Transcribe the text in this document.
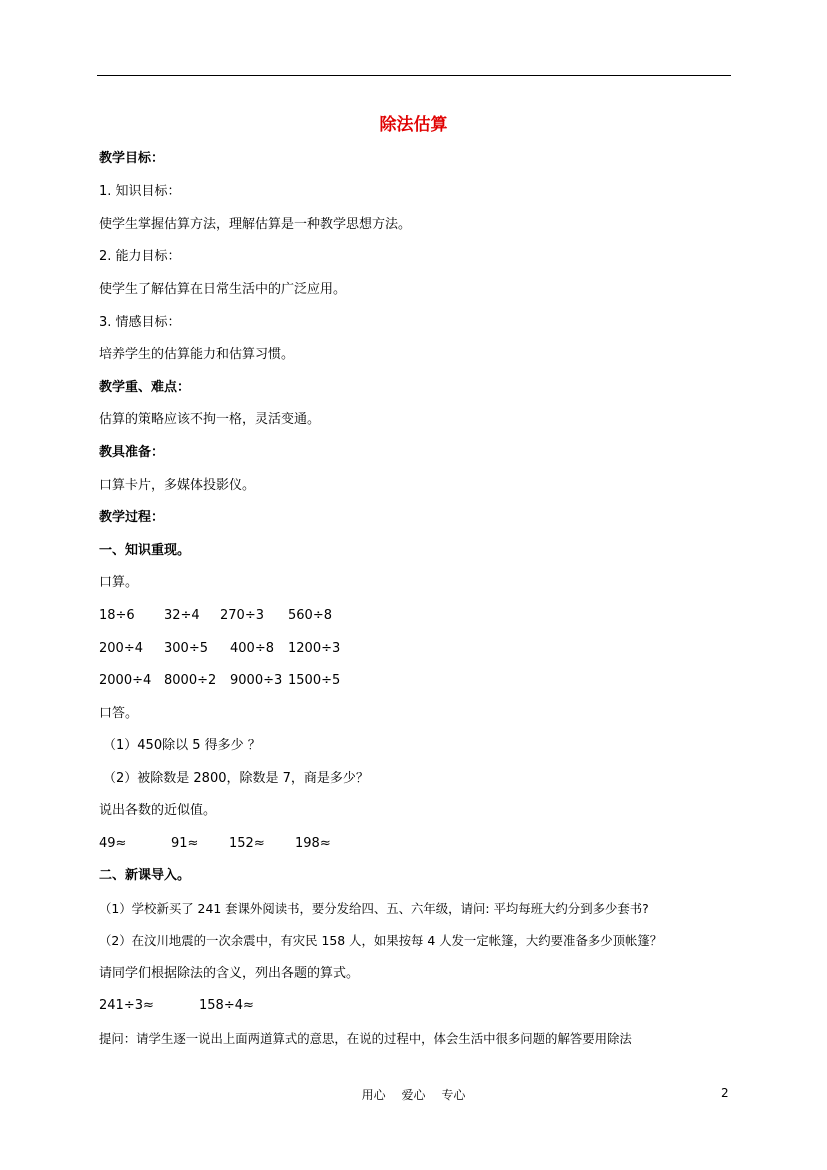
除法估算
教学目标：
1. 知识目标：
使学生掌握估算方法，理解估算是一种教学思想方法。
2. 能力目标：
使学生了解估算在日常生活中的广泛应用。
3. 情感目标：
培养学生的估算能力和估算习惯。
教学重、难点：
估算的策略应该不拘一格，灵活变通。
教具准备：
口算卡片，多媒体投影仪。
教学过程：
一、知识重现。
口算。
18÷6 32÷4 270÷3 560÷8
200÷4 300÷5 400÷8 1200÷3
2000÷4 8000÷2 9000÷3 1500÷5
口答。
（1）450除以 5 得多少 ？
（2）被除数是 2800，除数是 7，商是多少？
说出各数的近似值。
49≈	91≈ 152≈ 198≈
二、新课导入。
（1）学校新买了 241 套课外阅读书，要分发给四、五、六年级，请问: 平均每班大约分到多少套书?
（2）在汶川地震的一次余震中，有灾民 158 人，如果按每 4 人发一定帐篷，大约要准备多少顶帐篷？
请同学们根据除法的含义，列出各题的算式。
241÷3≈	158÷4≈
提问：请学生逐一说出上面两道算式的意思，在说的过程中，体会生活中很多问题的解答要用除法
用心 爱心 专心	2
